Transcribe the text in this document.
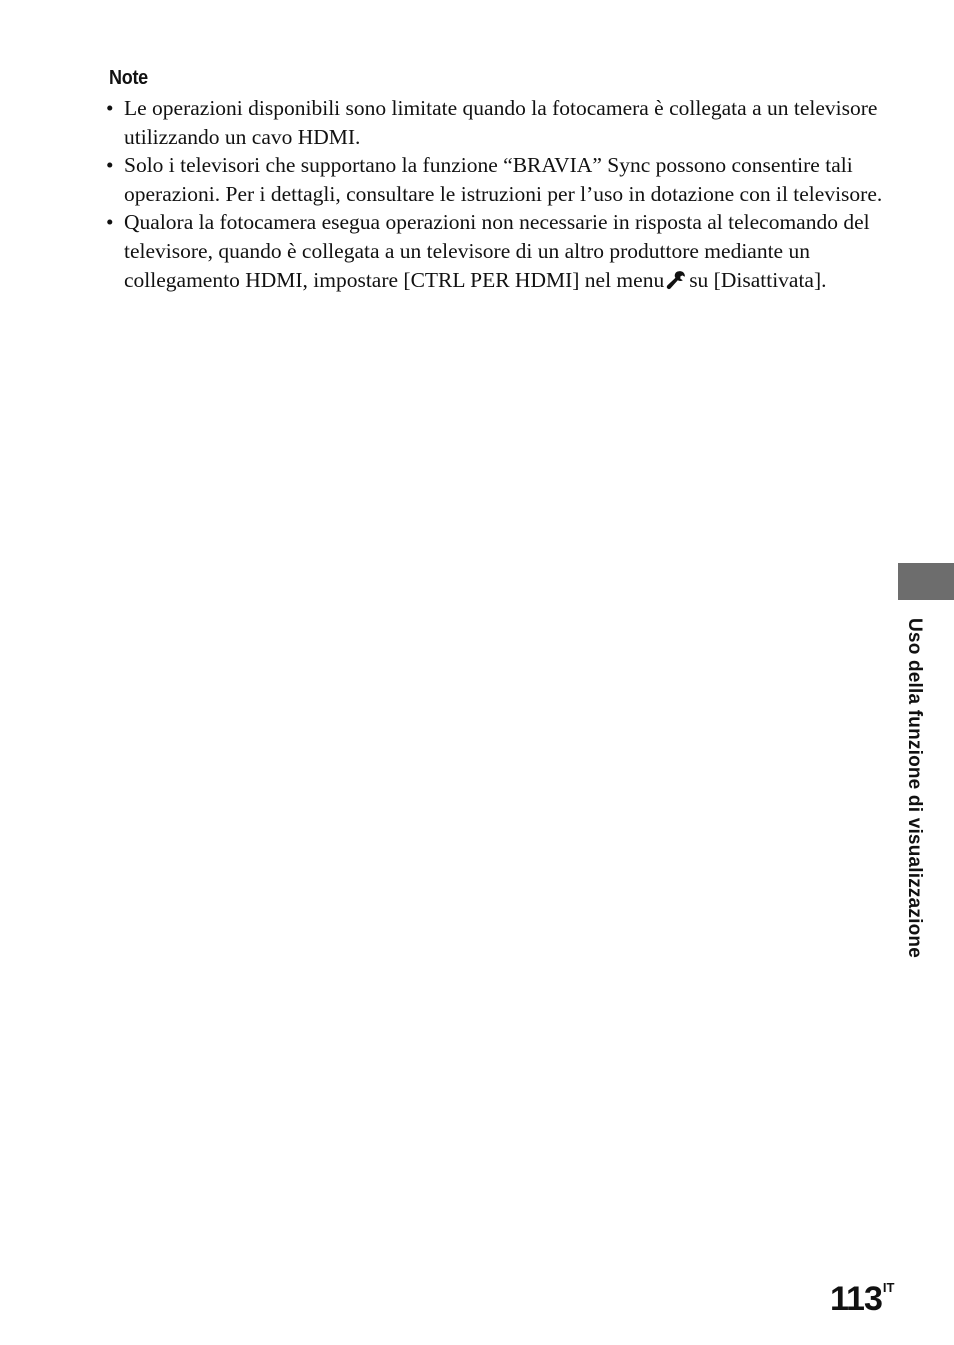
Note
• Le operazioni disponibili sono limitate quando la fotocamera è collegata a un televisore utilizzando un cavo HDMI.
• Solo i televisori che supportano la funzione “BRAVIA” Sync possono consentire tali operazioni. Per i dettagli, consultare le istruzioni per l’uso in dotazione con il televisore.
• Qualora la fotocamera esegua operazioni non necessarie in risposta al telecomando del televisore, quando è collegata a un televisore di un altro produttore mediante un collegamento HDMI, impostare [CTRL PER HDMI] nel menu su [Disattivata].
Uso della funzione di visualizzazione
$113^{IT}$
